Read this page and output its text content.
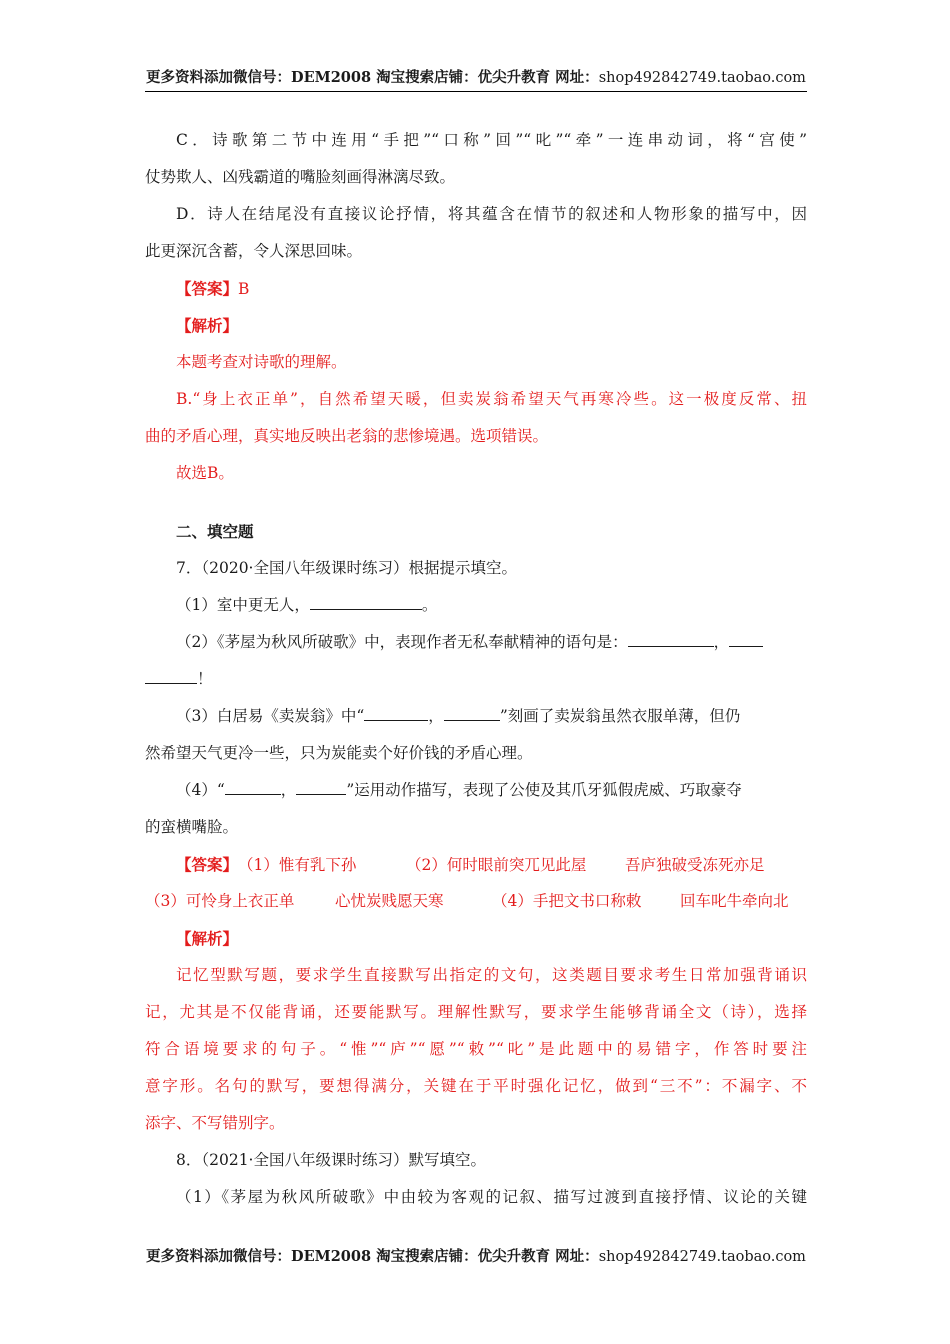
更多资料添加微信号：DEM2008 淘宝搜索店铺：优尖升教育 网址：shop492842749.taobao.com
C．诗歌第二节中连用“手把”“口称”回”“叱”“牵”一连串动词，将“宫使”
仗势欺人、凶残霸道的嘴脸刻画得淋漓尽致。
D．诗人在结尾没有直接议论抒情，将其蕴含在情节的叙述和人物形象的描写中，因
此更深沉含蓄，令人深思回味。
【答案】B
【解析】
本题考查对诗歌的理解。
B.“身上衣正单”，自然希望天暖，但卖炭翁希望天气再寒冷些。这一极度反常、扭
曲的矛盾心理，真实地反映出老翁的悲惨境遇。选项错误。
故选B。
二、填空题
7．（2020·全国八年级课时练习）根据提示填空。
（1）室中更无人，	。
（2）《茅屋为秋风所破歌》中，表现作者无私奉献精神的语句是：	，
！
（3）白居易《卖炭翁》中“	，	”刻画了卖炭翁虽然衣服单薄，但仍
然希望天气更冷一些，只为炭能卖个好价钱的矛盾心理。
（4）“	，	”运用动作描写，表现了公使及其爪牙狐假虎威、巧取豪夺
的蛮横嘴脸。
【答案】（1）惟有乳下孙	（2）何时眼前突兀见此屋 吾庐独破受冻死亦足
（3）可怜身上衣正单	心忧炭贱愿天寒	（4）手把文书口称敕 回车叱牛牵向北
【解析】
记忆型默写题，要求学生直接默写出指定的文句，这类题目要求考生日常加强背诵识
记，尤其是不仅能背诵，还要能默写。理解性默写，要求学生能够背诵全文（诗），选择
符合语境要求的句子。“惟”“庐”“愿”“敕”“叱”是此题中的易错字，作答时要注
意字形。名句的默写，要想得满分，关键在于平时强化记忆，做到“三不”：不漏字、不
添字、不写错别字。
8．（2021·全国八年级课时练习）默写填空。
（1）《茅屋为秋风所破歌》中由较为客观的记叙、描写过渡到直接抒情、议论的关键
更多资料添加微信号：DEM2008 淘宝搜索店铺：优尖升教育 网址：shop492842749.taobao.com
